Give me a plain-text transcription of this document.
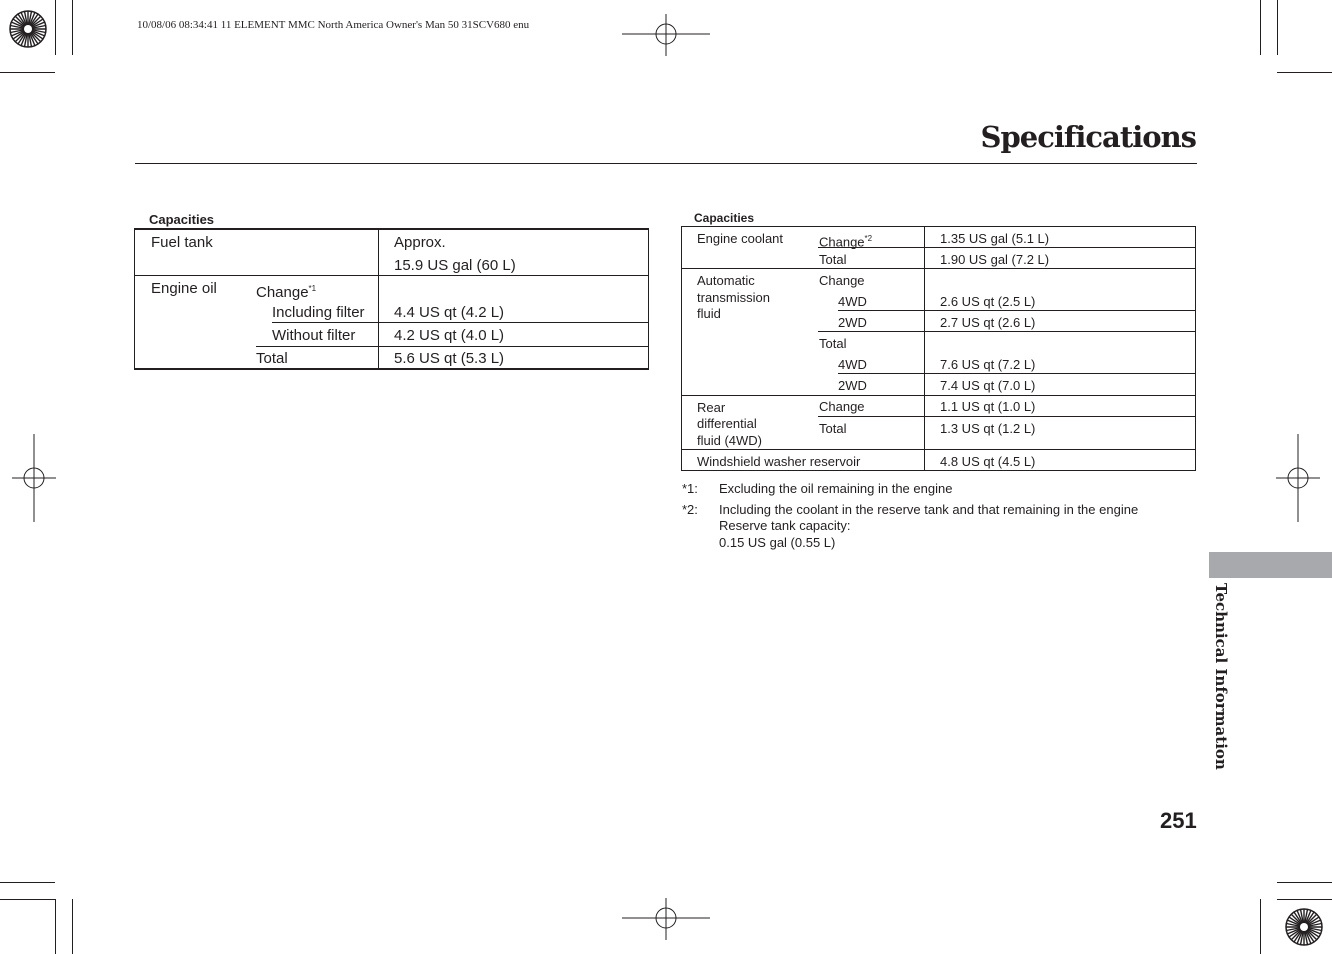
10/08/06 08:34:41 11 ELEMENT MMC North America Owner's Man 50 31SCV680 enu
Specifications
Capacities
Fuel tank	Approx.
15.9 US gal (60 L)
Engine oil	Change$^{*1}$
Including filter 4.4 US qt (4.2 L)
Without filter	4.2 US qt (4.0 L)
Total	5.6 US qt (5.3 L)
Capacities
Engine coolant	Change$^{*2}$	1.35 US gal (5.1 L)
Total	1.90 US gal (7.2 L)
Automatic
transmission
fluid
Change
4WD	2.6 US qt (2.5 L)
2WD	2.7 US qt (2.6 L)
Total
4WD	7.6 US qt (7.2 L)
2WD	7.4 US qt (7.0 L)
Rear
differential
fluid (4WD)
Change	1.1 US qt (1.0 L)
Total	1.3 US qt (1.2 L)
Windshield washer reservoir	4.8 US qt (4.5 L)
*1: Excluding the oil remaining in the engine
*2: Including the coolant in the reserve tank and that remaining in the engine
Reserve tank capacity:
0.15 US gal (0.55 L)
Technical Information
251
